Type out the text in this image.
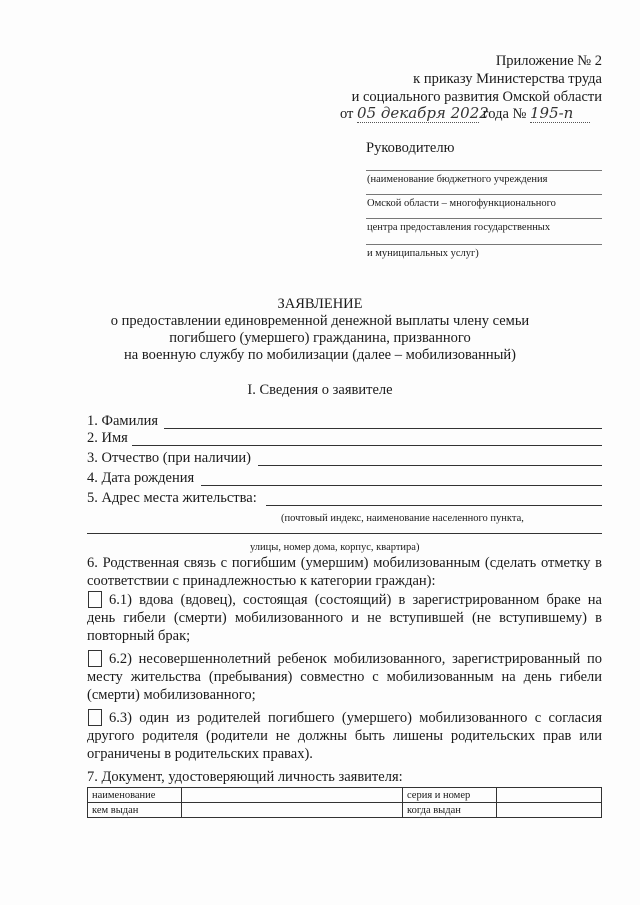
Приложение № 2
к приказу Министерства труда
и социального развития Омской области
от 05 декабря 2022 года № 195-п
Руководителю
(наименование бюджетного учреждения
Омской области – многофункционального
центра предоставления государственных
и муниципальных услуг)
ЗАЯВЛЕНИЕ
о предоставлении единовременной денежной выплаты члену семьи
погибшего (умершего) гражданина, призванного
на военную службу по мобилизации (далее – мобилизованный)
I. Сведения о заявителе
1. Фамилия
2. Имя
3. Отчество (при наличии)
4. Дата рождения
5. Адрес места жительства:
(почтовый индекс, наименование населенного пункта,
улицы, номер дома, корпус, квартира)
6. Родственная связь с погибшим (умершим) мобилизованным (сделать отметку в соответствии с принадлежностью к категории граждан):
6.1) вдова (вдовец), состоящая (состоящий) в зарегистрированном браке на день гибели (смерти) мобилизованного и не вступившей (не вступившему) в повторный брак;
6.2) несовершеннолетний ребенок мобилизованного, зарегистрированный по месту жительства (пребывания) совместно с мобилизованным на день гибели (смерти) мобилизованного;
6.3) один из родителей погибшего (умершего) мобилизованного с согласия другого родителя (родители не должны быть лишены родительских прав или ограничены в родительских правах).
7. Документ, удостоверяющий личность заявителя:
наименование		серия и номер	
кем выдан		когда выдан	
